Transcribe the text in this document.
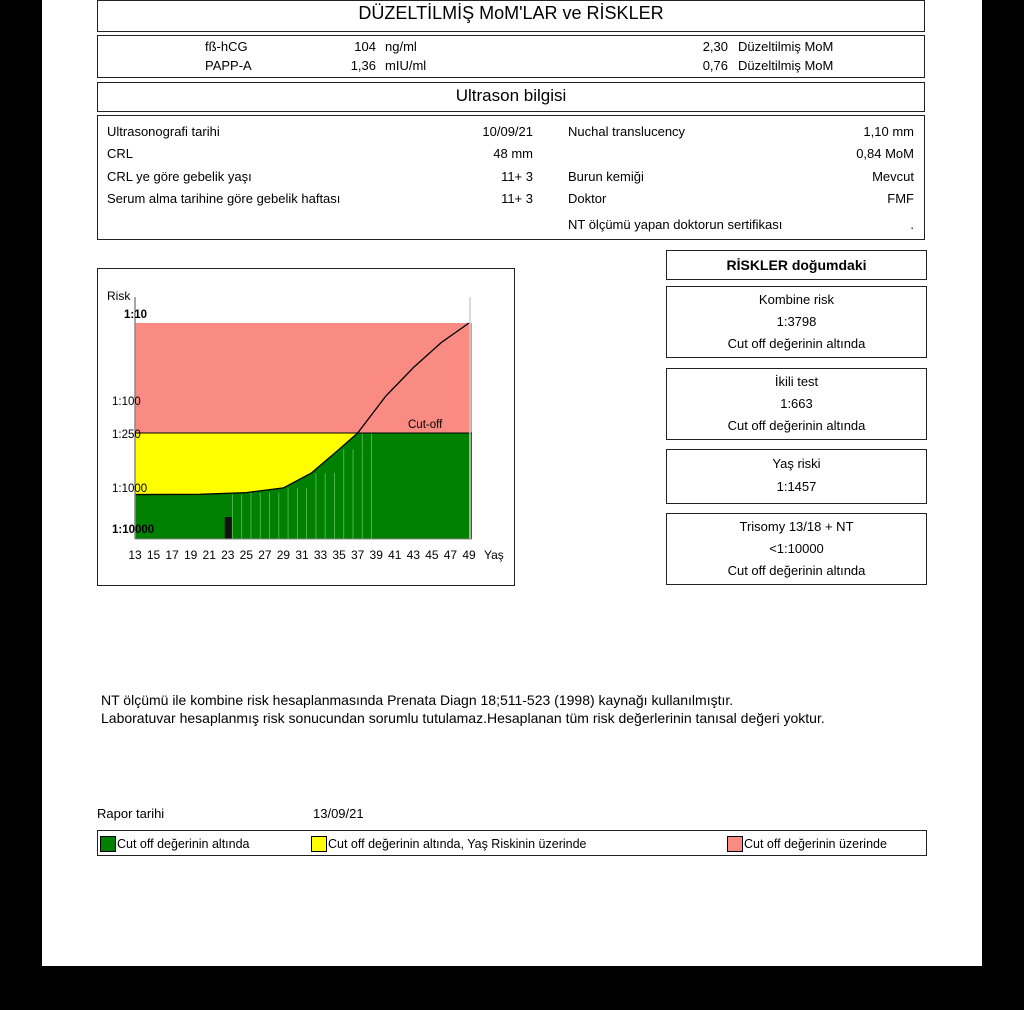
DÜZELTİLMİŞ MoM'LAR ve RİSKLER
fß-hCG	104 ng/ml	2,30 Düzeltilmiş MoM
PAPP-A	1,36 mIU/ml	0,76 Düzeltilmiş MoM
Ultrason bilgisi
Ultrasonografi tarihi	10/09/21
CRL	48 mm
CRL ye göre gebelik yaşı	11+ 3
Serum alma tarihine göre gebelik haftası	11+ 3
Nuchal translucency	1,10 mm
0,84 MoM
Burun kemiği	Mevcut
Doktor	FMF
NT ölçümü yapan doktorun sertifikası	.
Risk
Yaş
Cut-off
1:10
1:100
1:250
1:1000
1:10000
13 15 17 19 21 23 25 27 29 31 33 35 37 39 41 43 45 47 49
RİSKLER doğumdaki
Kombine risk
1:3798
Cut off değerinin altında
İkili test
1:663
Cut off değerinin altında
Yaş riski
1:1457
Trisomy 13/18 + NT
<1:10000
Cut off değerinin altında
NT ölçümü ile kombine risk hesaplanmasında Prenata Diagn 18;511-523 (1998) kaynağı kullanılmıştır.
Laboratuvar hesaplanmış risk sonucundan sorumlu tutulamaz.Hesaplanan tüm risk değerlerinin tanısal değeri yoktur.
Rapor tarihi	13/09/21
Cut off değerinin altında	Cut off değerinin altında, Yaş Riskinin üzerinde	Cut off değerinin üzerinde
